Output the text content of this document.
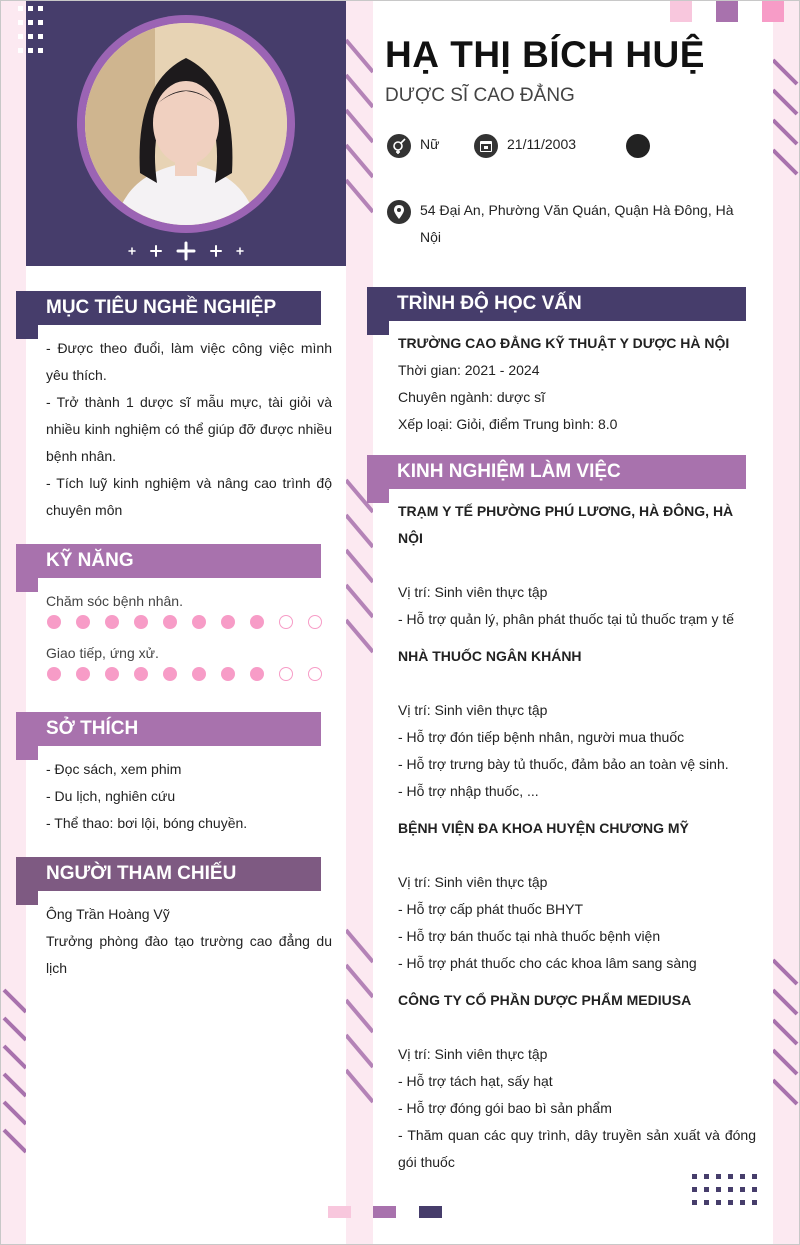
HẠ THỊ BÍCH HUỆ
DƯỢC SĨ CAO ĐẲNG
Nữ	21/11/2003
54 Đại An, Phường Văn Quán, Quận Hà Đông, Hà Nội
MỤC TIÊU NGHỀ NGHIỆP
- Được theo đuổi, làm việc công việc mình yêu thích.
- Trở thành 1 dược sĩ mẫu mực, tài giỏi và nhiều kinh nghiệm có thể giúp đỡ được nhiều bệnh nhân.
- Tích luỹ kinh nghiệm và nâng cao trình độ chuyên môn
KỸ NĂNG
Chăm sóc bệnh nhân.
Giao tiếp, ứng xử.
SỞ THÍCH
- Đọc sách, xem phim
- Du lịch, nghiên cứu
- Thể thao: bơi lội, bóng chuyền.
NGƯỜI THAM CHIẾU
Ông Trần Hoàng Vỹ
Trưởng phòng đào tạo trường cao đẳng du lịch
TRÌNH ĐỘ HỌC VẤN
TRƯỜNG CAO ĐẲNG KỸ THUẬT Y DƯỢC HÀ NỘI
Thời gian: 2021 - 2024
Chuyên ngành: dược sĩ
Xếp loại: Giỏi, điểm Trung bình: 8.0
KINH NGHIỆM LÀM VIỆC
TRẠM Y TẾ PHƯỜNG PHÚ LƯƠNG, HÀ ĐÔNG, HÀ NỘI
Vị trí: Sinh viên thực tập
- Hỗ trợ quản lý, phân phát thuốc tại tủ thuốc trạm y tế
NHÀ THUỐC NGÂN KHÁNH
Vị trí: Sinh viên thực tập
- Hỗ trợ đón tiếp bệnh nhân, người mua thuốc
- Hỗ trợ trưng bày tủ thuốc, đảm bảo an toàn vệ sinh.
- Hỗ trợ nhập thuốc, ...
BỆNH VIỆN ĐA KHOA HUYỆN CHƯƠNG MỸ
Vị trí: Sinh viên thực tập
- Hỗ trợ cấp phát thuốc BHYT
- Hỗ trợ bán thuốc tại nhà thuốc bệnh viện
- Hỗ trợ phát thuốc cho các khoa lâm sang sàng
CÔNG TY CỔ PHẦN DƯỢC PHẨM MEDIUSA
Vị trí: Sinh viên thực tập
- Hỗ trợ tách hạt, sấy hạt
- Hỗ trợ đóng gói bao bì sản phẩm
- Thăm quan các quy trình, dây truyền sản xuất và đóng gói thuốc
